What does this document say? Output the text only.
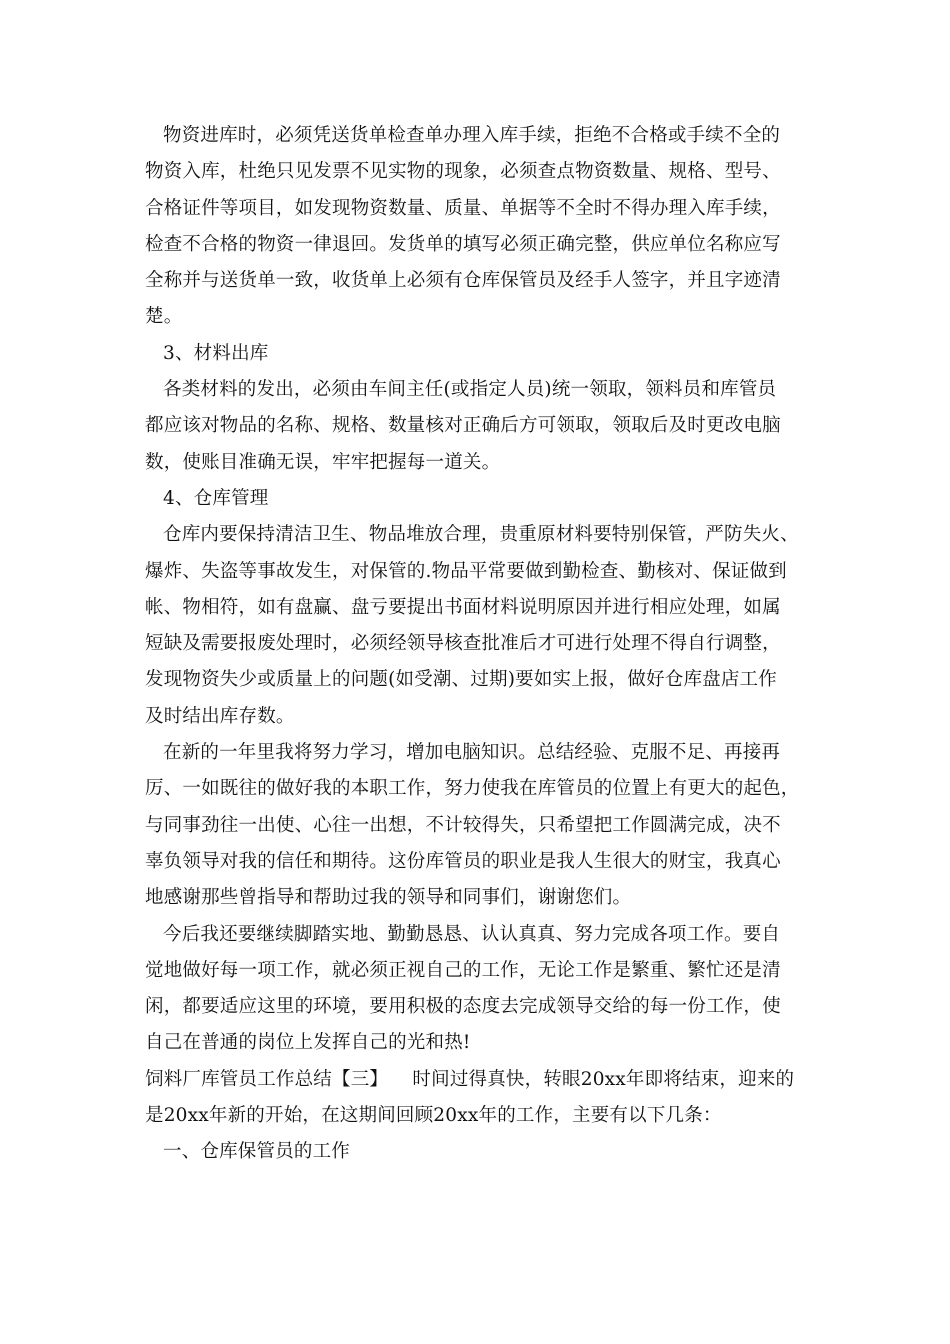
物资进库时，必须凭送货单检查单办理入库手续，拒绝不合格或手续不全的
物资入库，杜绝只见发票不见实物的现象，必须查点物资数量、规格、型号、
合格证件等项目，如发现物资数量、质量、单据等不全时不得办理入库手续，
检查不合格的物资一律退回。发货单的填写必须正确完整，供应单位名称应写
全称并与送货单一致，收货单上必须有仓库保管员及经手人签字，并且字迹清
楚。
3、材料出库
各类材料的发出，必须由车间主任(或指定人员)统一领取，领料员和库管员
都应该对物品的名称、规格、数量核对正确后方可领取，领取后及时更改电脑
数，使账目准确无误，牢牢把握每一道关。
4、仓库管理
仓库内要保持清洁卫生、物品堆放合理，贵重原材料要特别保管，严防失火、
爆炸、失盗等事故发生，对保管的.物品平常要做到勤检查、勤核对、保证做到
帐、物相符，如有盘赢、盘亏要提出书面材料说明原因并进行相应处理，如属
短缺及需要报废处理时，必须经领导核查批准后才可进行处理不得自行调整，
发现物资失少或质量上的问题(如受潮、过期)要如实上报，做好仓库盘店工作
及时结出库存数。
在新的一年里我将努力学习，增加电脑知识。总结经验、克服不足、再接再
厉、一如既往的做好我的本职工作，努力使我在库管员的位置上有更大的起色，
与同事劲往一出使、心往一出想，不计较得失，只希望把工作圆满完成，决不
辜负领导对我的信任和期待。这份库管员的职业是我人生很大的财宝，我真心
地感谢那些曾指导和帮助过我的领导和同事们，谢谢您们。
今后我还要继续脚踏实地、勤勤恳恳、认认真真、努力完成各项工作。要自
觉地做好每一项工作，就必须正视自己的工作，无论工作是繁重、繁忙还是清
闲，都要适应这里的环境，要用积极的态度去完成领导交给的每一份工作，使
自己在普通的岗位上发挥自己的光和热!
饲料厂库管员工作总结【三】    时间过得真快，转眼20xx年即将结束，迎来的
是20xx年新的开始，在这期间回顾20xx年的工作，主要有以下几条：
一、仓库保管员的工作
